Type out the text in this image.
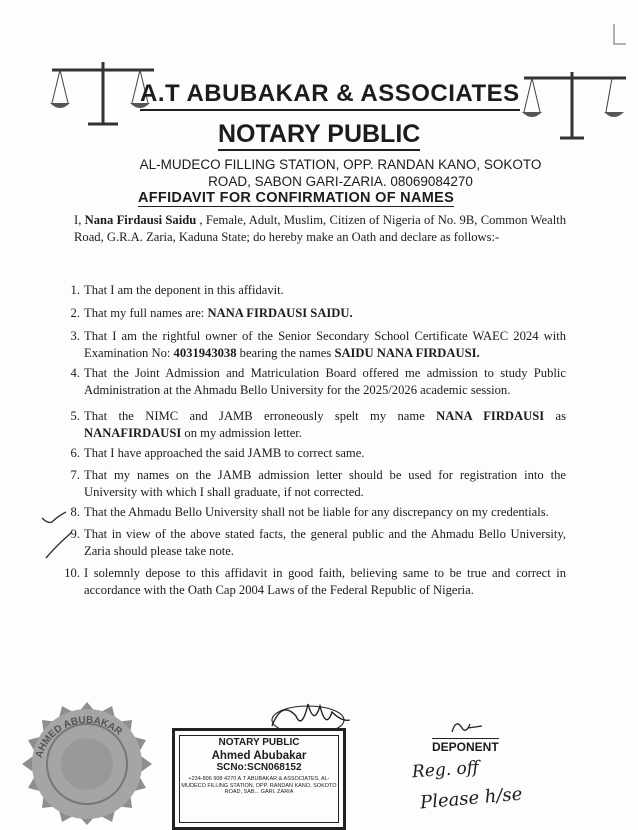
A.T ABUBAKAR & ASSOCIATES
NOTARY PUBLIC
AL-MUDECO FILLING STATION, OPP. RANDAN KANO, SOKOTO ROAD, SABON GARI-ZARIA. 08069084270
AFFIDAVIT FOR CONFIRMATION OF NAMES
I, Nana Firdausi Saidu , Female, Adult, Muslim, Citizen of Nigeria of No. 9B, Common Wealth Road, G.R.A. Zaria, Kaduna State; do hereby make an Oath and declare as follows:-
1. That I am the deponent in this affidavit.
2. That my full names are: NANA FIRDAUSI SAIDU.
3. That I am the rightful owner of the Senior Secondary School Certificate WAEC 2024 with Examination No: 4031943038 bearing the names SAIDU NANA FIRDAUSI.
4. That the Joint Admission and Matriculation Board offered me admission to study Public Administration at the Ahmadu Bello University for the 2025/2026 academic session.
5. That the NIMC and JAMB erroneously spelt my name NANA FIRDAUSI as NANAFIRDAUSI on my admission letter.
6. That I have approached the said JAMB to correct same.
7. That my names on the JAMB admission letter should be used for registration into the University with which I shall graduate, if not corrected.
8. That the Ahmadu Bello University shall not be liable for any discrepancy on my credentials.
9. That in view of the above stated facts, the general public and the Ahmadu Bello University, Zaria should please take note.
10. I solemnly depose to this affidavit in good faith, believing same to be true and correct in accordance with the Oath Cap 2004 Laws of the Federal Republic of Nigeria.
AHMED ABUBAKAR
NOTARY PUBLIC
Ahmed Abubakar
SCNo:SCN068152
+234-806 908 4270 A.T ABUBAKAR & ASSOCIATES, AL-MUDECO FILLING STATION, OPP. RANDAN KANO, SOKOTO ROAD, SAB... GARI, ZARIA
DEPONENT
Reg. off
Please h/se
